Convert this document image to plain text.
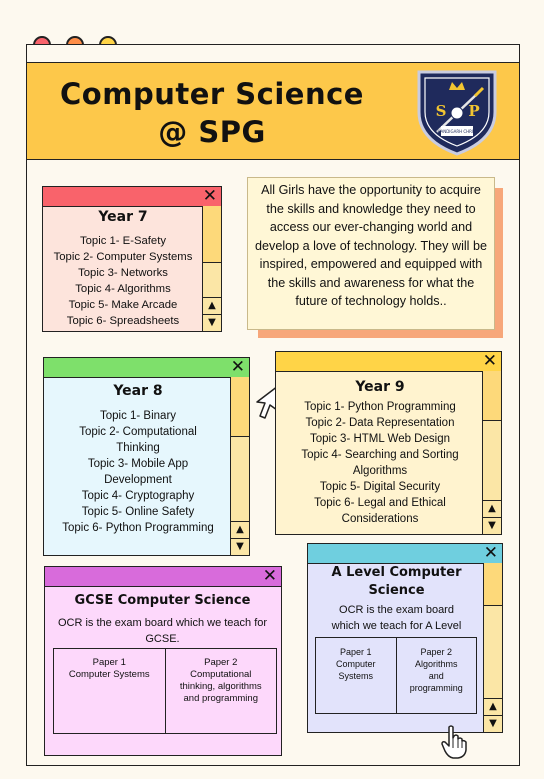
Computer Science
@ SPG
S P
CHANDIGARH CHRISTI
All Girls have the opportunity to acquire the skills and knowledge they need to access our ever-changing world and develop a love of technology. They will be inspired, empowered and equipped with the skills and awareness for what the future of technology holds..
✕
▲
▼
Year 7
Topic 1- E-Safety
Topic 2- Computer Systems
Topic 3- Networks
Topic 4- Algorithms
Topic 5- Make Arcade
Topic 6- Spreadsheets
✕
▲
▼
Year 8
Topic 1- Binary
Topic 2- Computational
Thinking
Topic 3- Mobile App
Development
Topic 4- Cryptography
Topic 5- Online Safety
Topic 6- Python Programming
✕
▲
▼
Year 9
Topic 1- Python Programming
Topic 2- Data Representation
Topic 3- HTML Web Design
Topic 4- Searching and Sorting
Algorithms
Topic 5- Digital Security
Topic 6- Legal and Ethical
Considerations
✕
GCSE Computer Science
OCR is the exam board which we teach for
GCSE.
Paper 1
Computer Systems
Paper 2
Computational
thinking, algorithms
and programming
✕
▲
▼
A Level Computer
Science
OCR is the exam board
which we teach for A Level
Paper 1
Computer
Systems
Paper 2
Algorithms
and
programming
